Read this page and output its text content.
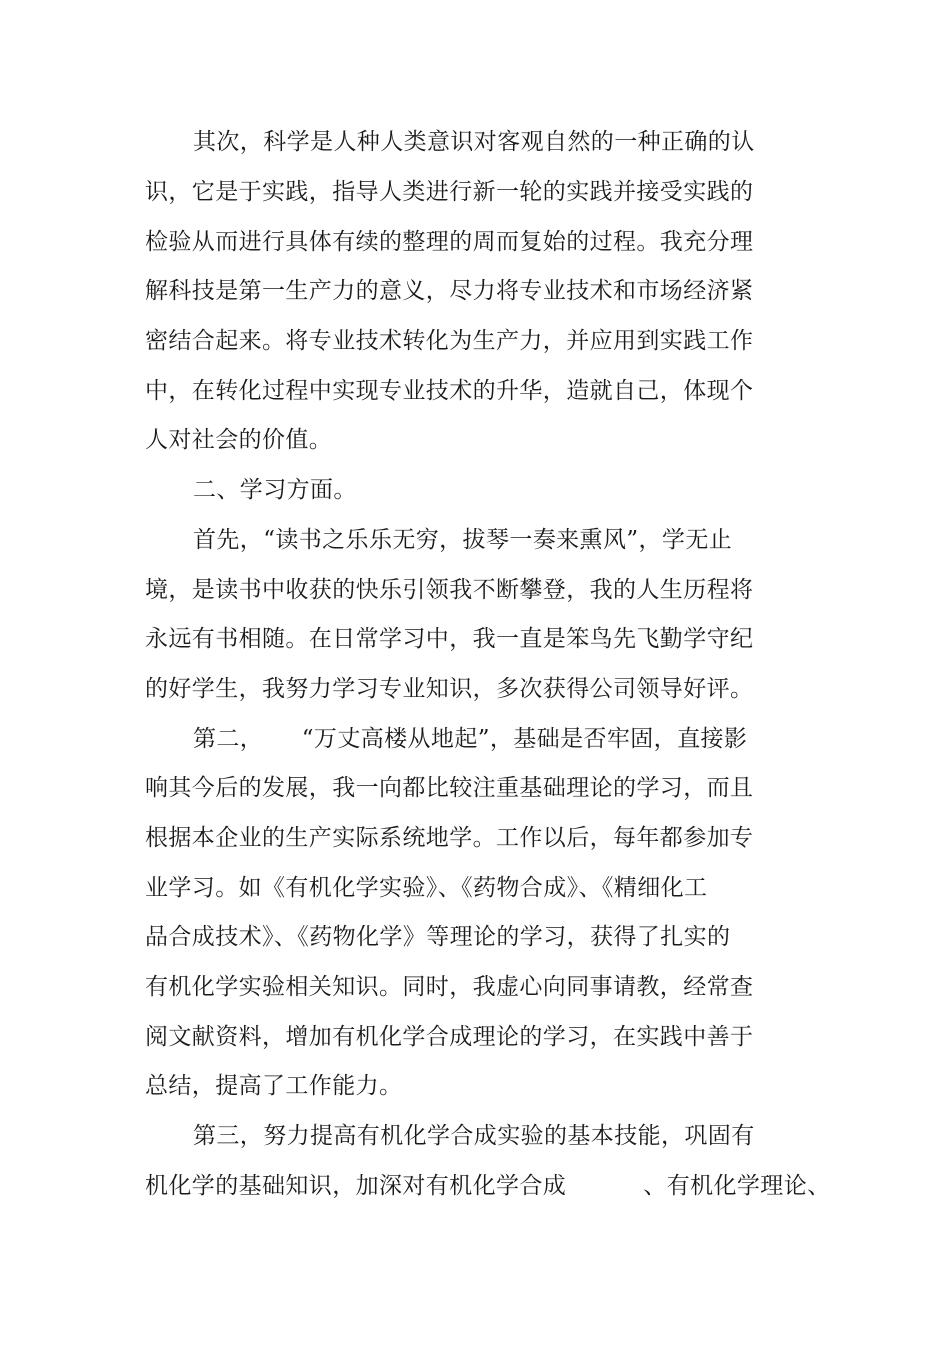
其次，科学是人种人类意识对客观自然的一种正确的认
识，它是于实践，指导人类进行新一轮的实践并接受实践的
检验从而进行具体有续的整理的周而复始的过程。我充分理
解科技是第一生产力的意义，尽力将专业技术和市场经济紧
密结合起来。将专业技术转化为生产力，并应用到实践工作
中，在转化过程中实现专业技术的升华，造就自己，体现个
人对社会的价值。
二、学习方面。
首先，“读书之乐乐无穷，拔琴一奏来熏风”，学无止
境，是读书中收获的快乐引领我不断攀登，我的人生历程将
永远有书相随。在日常学习中，我一直是笨鸟先飞勤学守纪
的好学生，我努力学习专业知识，多次获得公司领导好评。
第二，     “万丈高楼从地起”，基础是否牢固，直接影
响其今后的发展，我一向都比较注重基础理论的学习，而且
根据本企业的生产实际系统地学。工作以后，每年都参加专
业学习。如《有机化学实验》、《药物合成》、《精细化工
品合成技术》、《药物化学》等理论的学习，获得了扎实的
有机化学实验相关知识。同时，我虚心向同事请教，经常查
阅文献资料，增加有机化学合成理论的学习，在实践中善于
总结，提高了工作能力。
第三，努力提高有机化学合成实验的基本技能，巩固有
机化学的基础知识，加深对有机化学合成          、有机化学理论、
